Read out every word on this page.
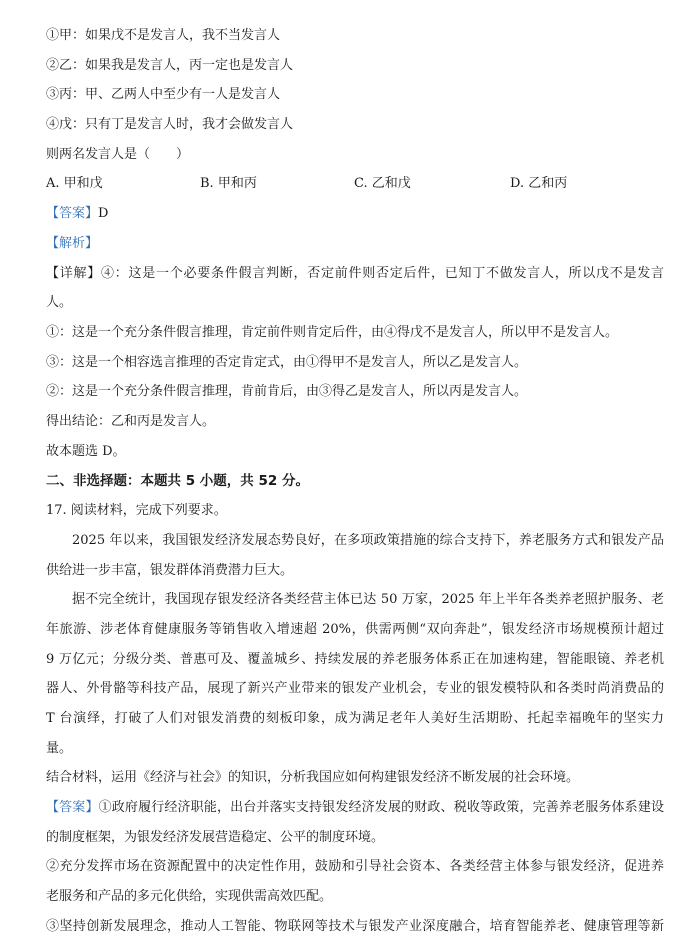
①甲：如果戊不是发言人，我不当发言人
②乙：如果我是发言人，丙一定也是发言人
③丙：甲、乙两人中至少有一人是发言人
④戊：只有丁是发言人时，我才会做发言人
则两名发言人是（　　）
A. 甲和戊	B. 甲和丙	C. 乙和戊	D. 乙和丙
【答案】D
【解析】
【详解】④：这是一个必要条件假言判断，否定前件则否定后件，已知丁不做发言人，所以戊不是发言
人。
①：这是一个充分条件假言推理，肯定前件则肯定后件，由④得戊不是发言人，所以甲不是发言人。
③：这是一个相容选言推理的否定肯定式，由①得甲不是发言人，所以乙是发言人。
②：这是一个充分条件假言推理，肯前肯后，由③得乙是发言人，所以丙是发言人。
得出结论：乙和丙是发言人。
故本题选 D。
二、非选择题：本题共 5 小题，共 52 分。
17. 阅读材料，完成下列要求。
2025 年以来，我国银发经济发展态势良好，在多项政策措施的综合支持下，养老服务方式和银发产品
供给进一步丰富，银发群体消费潜力巨大。
据不完全统计，我国现存银发经济各类经营主体已达 50 万家，2025 年上半年各类养老照护服务、老
年旅游、涉老体育健康服务等销售收入增速超 20%，供需两侧“双向奔赴”，银发经济市场规模预计超过
9 万亿元；分级分类、普惠可及、覆盖城乡、持续发展的养老服务体系正在加速构建，智能眼镜、养老机
器人、外骨骼等科技产品，展现了新兴产业带来的银发产业机会，专业的银发模特队和各类时尚消费品的
T 台演绎，打破了人们对银发消费的刻板印象，成为满足老年人美好生活期盼、托起幸福晚年的坚实力
量。
结合材料，运用《经济与社会》的知识，分析我国应如何构建银发经济不断发展的社会环境。
【答案】①政府履行经济职能，出台并落实支持银发经济发展的财政、税收等政策，完善养老服务体系建设
的制度框架，为银发经济发展营造稳定、公平的制度环境。
②充分发挥市场在资源配置中的决定性作用，鼓励和引导社会资本、各类经营主体参与银发经济，促进养
老服务和产品的多元化供给，实现供需高效匹配。
③坚持创新发展理念，推动人工智能、物联网等技术与银发产业深度融合，培育智能养老、健康管理等新
